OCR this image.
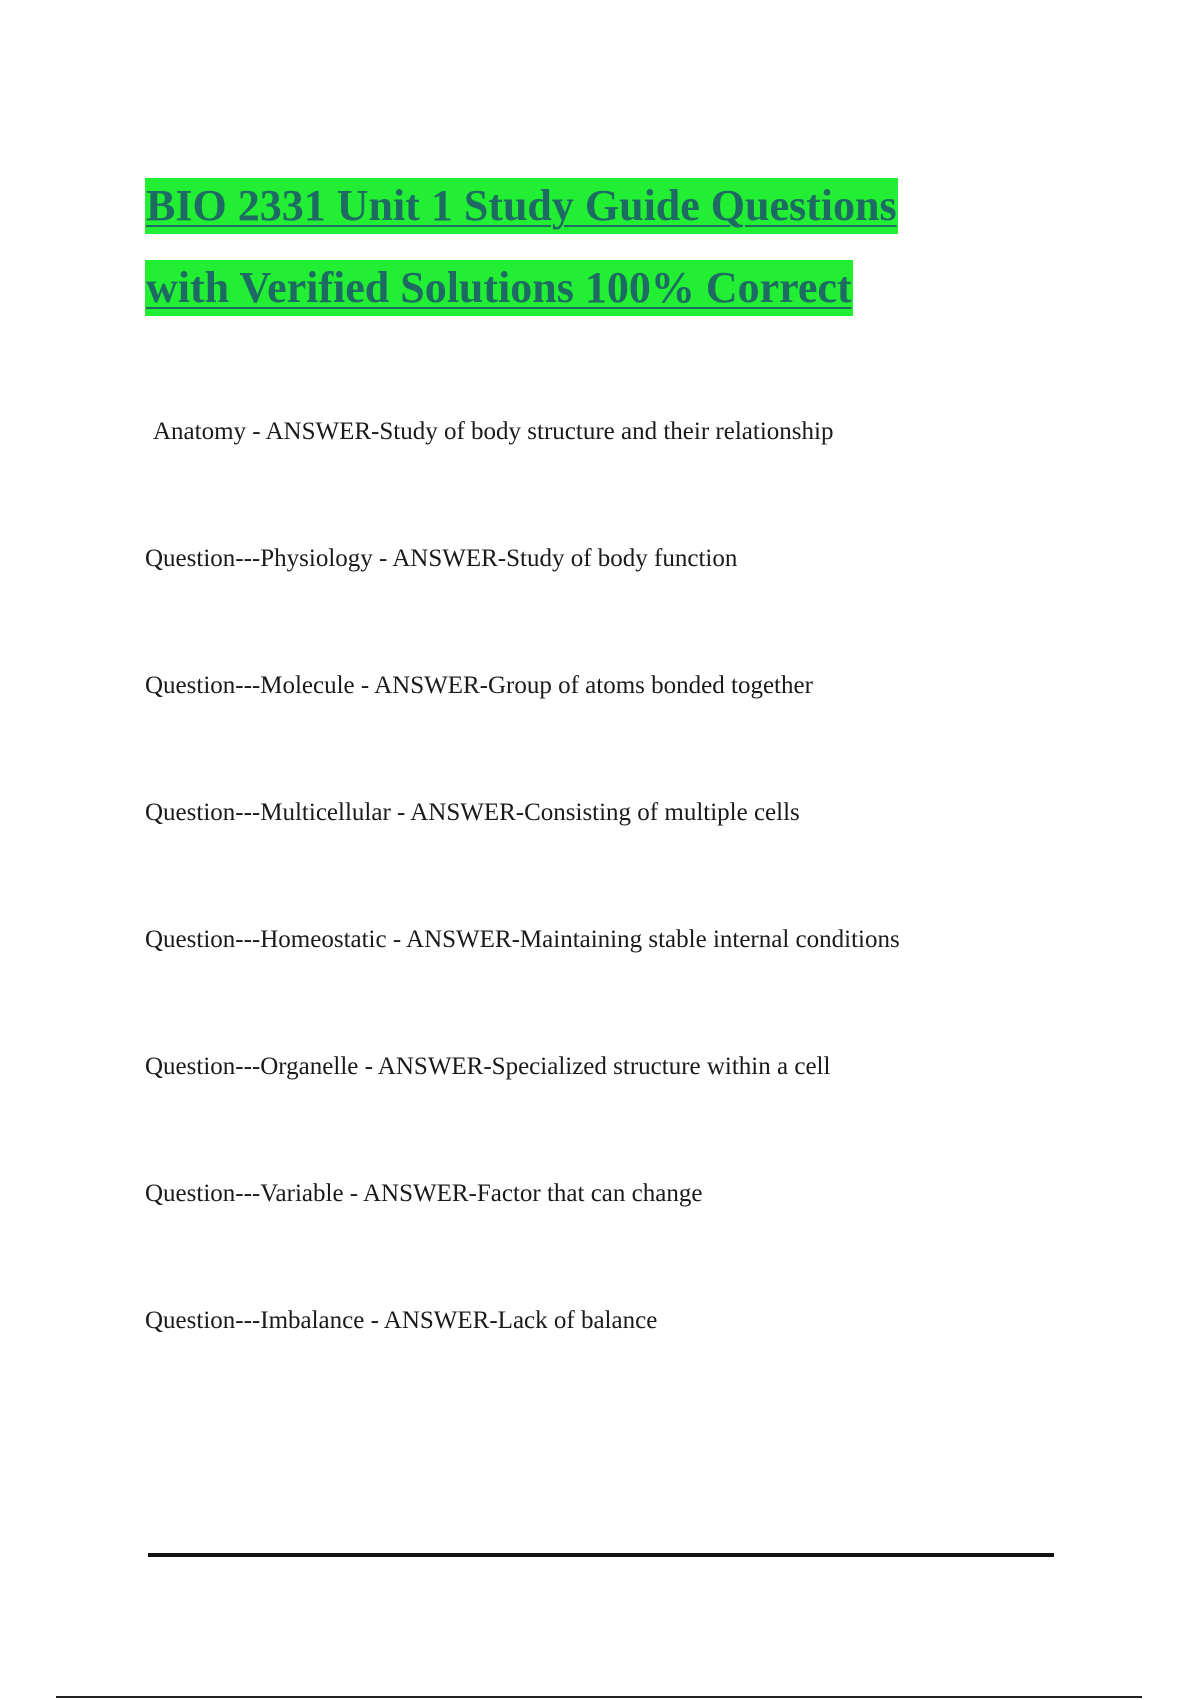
BIO 2331 Unit 1 Study Guide Questions
with Verified Solutions 100% Correct
Anatomy - ANSWER-Study of body structure and their relationship
Question---Physiology - ANSWER-Study of body function
Question---Molecule - ANSWER-Group of atoms bonded together
Question---Multicellular - ANSWER-Consisting of multiple cells
Question---Homeostatic - ANSWER-Maintaining stable internal conditions
Question---Organelle - ANSWER-Specialized structure within a cell
Question---Variable - ANSWER-Factor that can change
Question---Imbalance - ANSWER-Lack of balance
